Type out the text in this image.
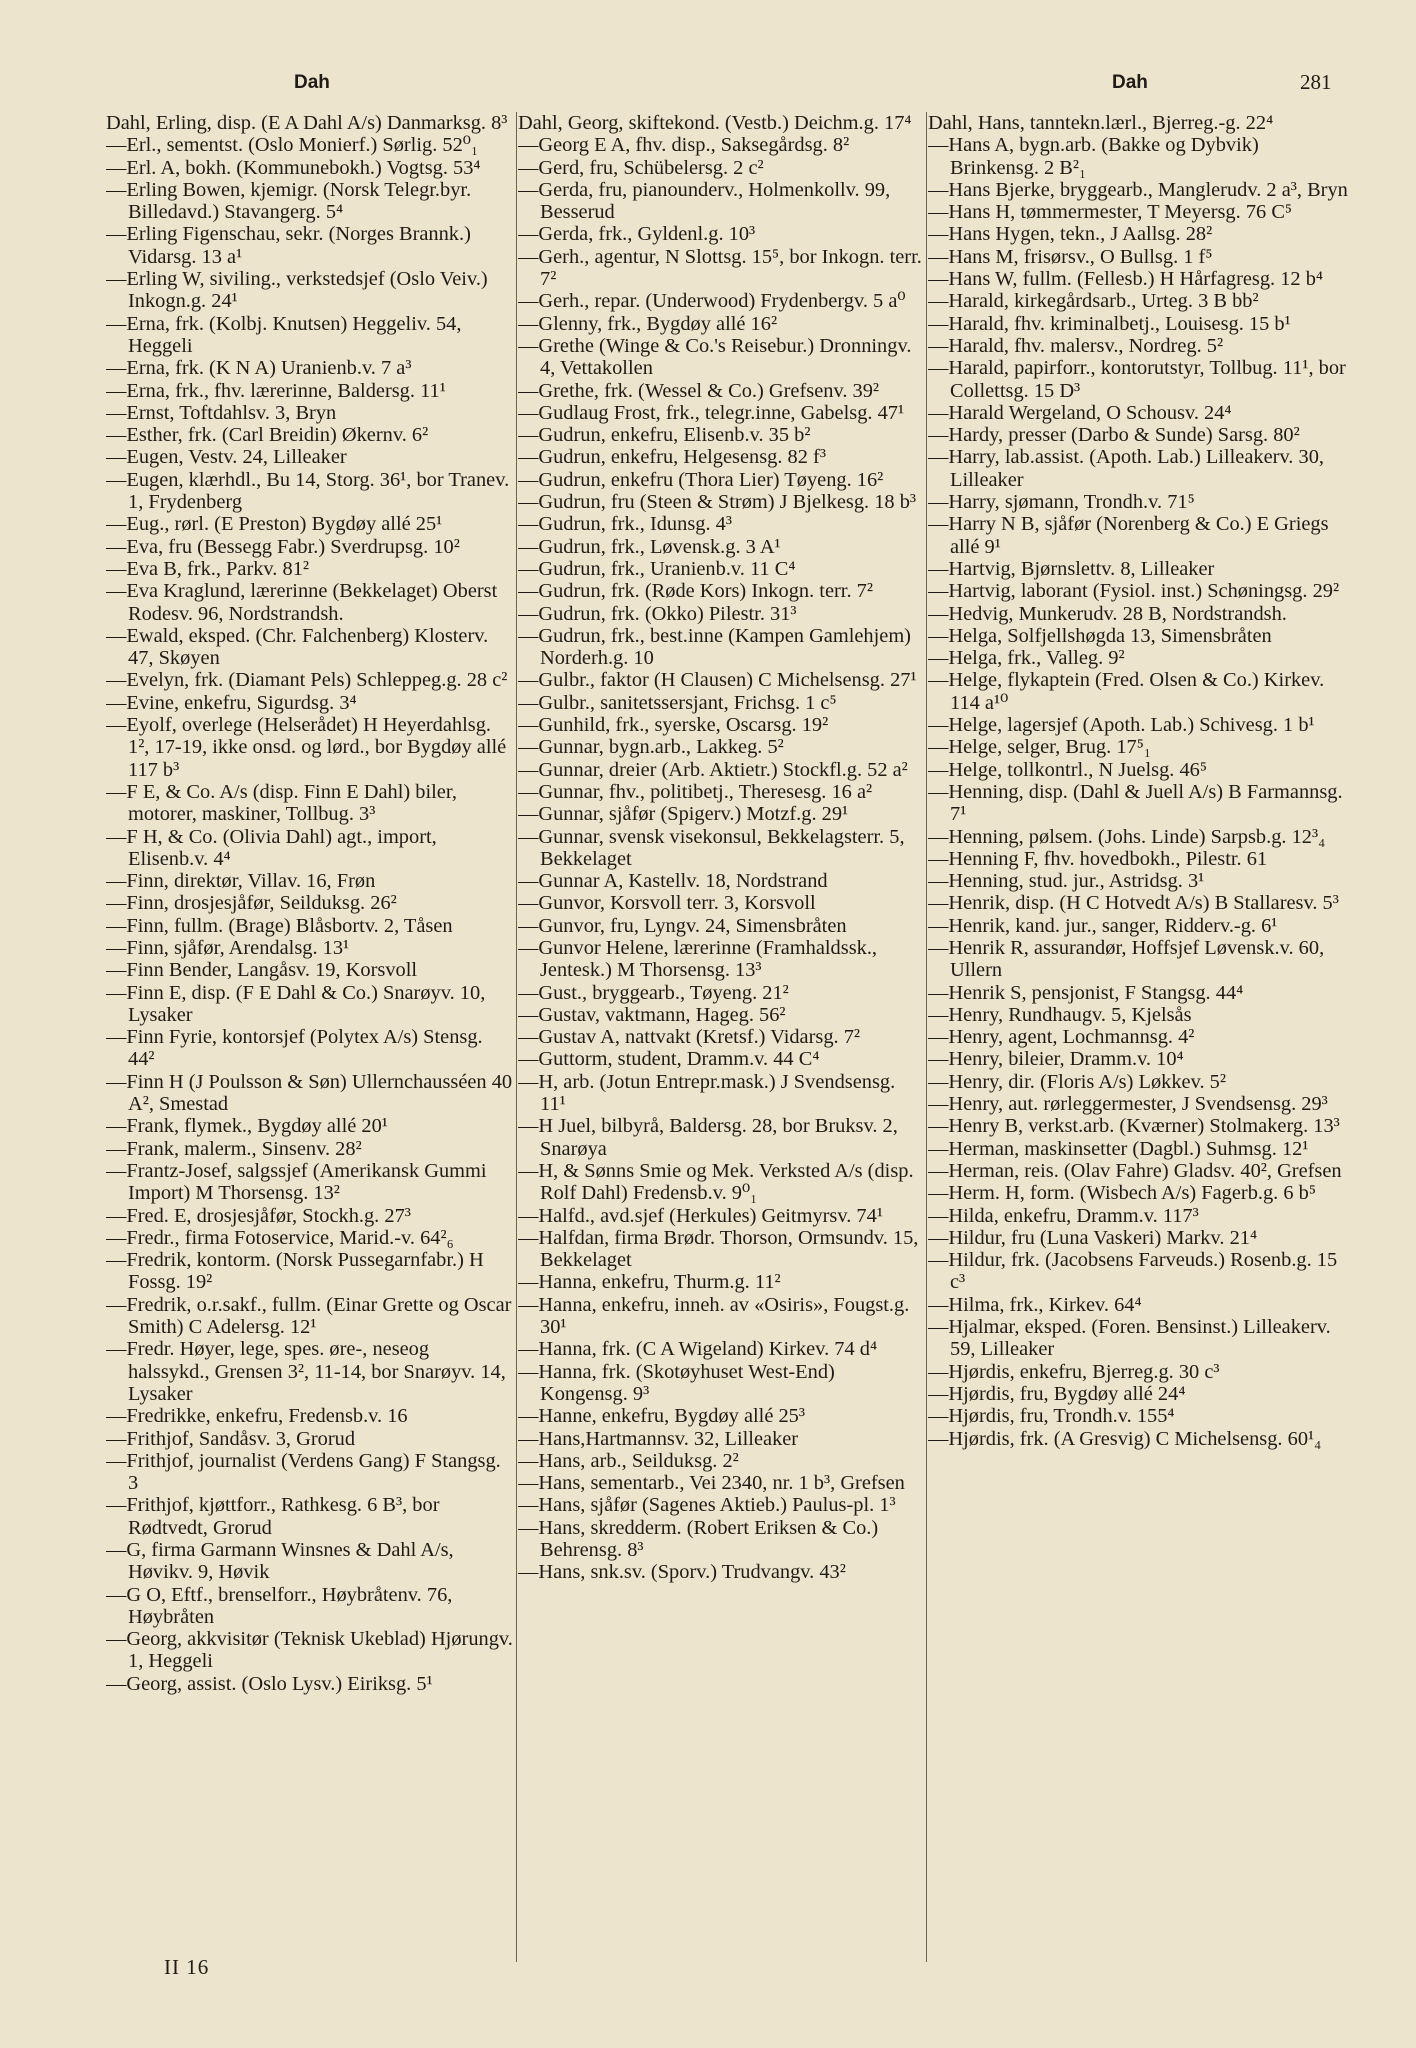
Dah	Dah	281
Dahl, Erling, disp. (E A Dahl A/s) Danmarksg. 8³
—Erl., sementst. (Oslo Monierf.) Sørlig. 52⁰₁
—Erl. A, bokh. (Kommunebokh.) Vogtsg. 53⁴
—Erling Bowen, kjemigr. (Norsk Telegr.byr. Billedavd.) Stavangerg. 5⁴
—Erling Figenschau, sekr. (Norges Brannk.) Vidarsg. 13 a¹
—Erling W, siviling., verkstedsjef (Oslo Veiv.) Inkogn.g. 24¹
—Erna, frk. (Kolbj. Knutsen) Heggeliv. 54, Heggeli
—Erna, frk. (K N A) Uranienb.v. 7 a³
—Erna, frk., fhv. lærerinne, Baldersg. 11¹
—Ernst, Toftdahlsv. 3, Bryn
—Esther, frk. (Carl Breidin) Økernv. 6²
—Eugen, Vestv. 24, Lilleaker
—Eugen, klærhdl., Bu 14, Storg. 36¹, bor Tranev. 1, Frydenberg
—Eug., rørl. (E Preston) Bygdøy allé 25¹
—Eva, fru (Bessegg Fabr.) Sverdrupsg. 10²
—Eva B, frk., Parkv. 81²
—Eva Kraglund, lærerinne (Bekkelaget) Oberst Rodesv. 96, Nordstrandsh.
—Ewald, eksped. (Chr. Falchenberg) Klosterv. 47, Skøyen
—Evelyn, frk. (Diamant Pels) Schleppeg.g. 28 c²
—Evine, enkefru, Sigurdsg. 3⁴
—Eyolf, overlege (Helserådet) H Heyerdahlsg. 1², 17-19, ikke onsd. og lørd., bor Bygdøy allé 117 b³
—F E, & Co. A/s (disp. Finn E Dahl) biler, motorer, maskiner, Tollbug. 3³
—F H, & Co. (Olivia Dahl) agt., import, Elisenb.v. 4⁴
—Finn, direktør, Villav. 16, Frøn
—Finn, drosjesjåfør, Seilduksg. 26²
—Finn, fullm. (Brage) Blåsbortv. 2, Tåsen
—Finn, sjåfør, Arendalsg. 13¹
—Finn Bender, Langåsv. 19, Korsvoll
—Finn E, disp. (F E Dahl & Co.) Snarøyv. 10, Lysaker
—Finn Fyrie, kontorsjef (Polytex A/s) Stensg. 44²
—Finn H (J Poulsson & Søn) Ullernchausséen 40 A², Smestad
—Frank, flymek., Bygdøy allé 20¹
—Frank, malerm., Sinsenv. 28²
—Frantz-Josef, salgssjef (Amerikansk Gummi Import) M Thorsensg. 13²
—Fred. E, drosjesjåfør, Stockh.g. 27³
—Fredr., firma Fotoservice, Marid.-v. 64²₆
—Fredrik, kontorm. (Norsk Pussegarnfabr.) H Fossg. 19²
—Fredrik, o.r.sakf., fullm. (Einar Grette og Oscar Smith) C Adelersg. 12¹
—Fredr. Høyer, lege, spes. øre-, neseog halssykd., Grensen 3², 11-14, bor Snarøyv. 14, Lysaker
—Fredrikke, enkefru, Fredensb.v. 16
—Frithjof, Sandåsv. 3, Grorud
—Frithjof, journalist (Verdens Gang) F Stangsg. 3
—Frithjof, kjøttforr., Rathkesg. 6 B³, bor Rødtvedt, Grorud
—G, firma Garmann Winsnes & Dahl A/s, Høvikv. 9, Høvik
—G O, Eftf., brenselforr., Høybråtenv. 76, Høybråten
—Georg, akkvisitør (Teknisk Ukeblad) Hjørungv. 1, Heggeli
—Georg, assist. (Oslo Lysv.) Eiriksg. 5¹
Dahl, Georg, skiftekond. (Vestb.) Deichm.g. 17⁴
—Georg E A, fhv. disp., Saksegårdsg. 8²
—Gerd, fru, Schübelersg. 2 c²
—Gerda, fru, pianounderv., Holmenkollv. 99, Besserud
—Gerda, frk., Gyldenl.g. 10³
—Gerh., agentur, N Slottsg. 15⁵, bor Inkogn. terr. 7²
—Gerh., repar. (Underwood) Frydenbergv. 5 a⁰
—Glenny, frk., Bygdøy allé 16²
—Grethe (Winge & Co.'s Reisebur.) Dronningv. 4, Vettakollen
—Grethe, frk. (Wessel & Co.) Grefsenv. 39²
—Gudlaug Frost, frk., telegr.inne, Gabelsg. 47¹
—Gudrun, enkefru, Elisenb.v. 35 b²
—Gudrun, enkefru, Helgesensg. 82 f³
—Gudrun, enkefru (Thora Lier) Tøyeng. 16²
—Gudrun, fru (Steen & Strøm) J Bjelkesg. 18 b³
—Gudrun, frk., Idunsg. 4³
—Gudrun, frk., Løvensk.g. 3 A¹
—Gudrun, frk., Uranienb.v. 11 C⁴
—Gudrun, frk. (Røde Kors) Inkogn. terr. 7²
—Gudrun, frk. (Okko) Pilestr. 31³
—Gudrun, frk., best.inne (Kampen Gamlehjem) Norderh.g. 10
—Gulbr., faktor (H Clausen) C Michelsensg. 27¹
—Gulbr., sanitetssersjant, Frichsg. 1 c⁵
—Gunhild, frk., syerske, Oscarsg. 19²
—Gunnar, bygn.arb., Lakkeg. 5²
—Gunnar, dreier (Arb. Aktietr.) Stockfl.g. 52 a²
—Gunnar, fhv., politibetj., Theresesg. 16 a²
—Gunnar, sjåfør (Spigerv.) Motzf.g. 29¹
—Gunnar, svensk visekonsul, Bekkelagsterr. 5, Bekkelaget
—Gunnar A, Kastellv. 18, Nordstrand
—Gunvor, Korsvoll terr. 3, Korsvoll
—Gunvor, fru, Lyngv. 24, Simensbråten
—Gunvor Helene, lærerinne (Framhaldssk., Jentesk.) M Thorsensg. 13³
—Gust., bryggearb., Tøyeng. 21²
—Gustav, vaktmann, Hageg. 56²
—Gustav A, nattvakt (Kretsf.) Vidarsg. 7²
—Guttorm, student, Dramm.v. 44 C⁴
—H, arb. (Jotun Entrepr.mask.) J Svendsensg. 11¹
—H Juel, bilbyrå, Baldersg. 28, bor Bruksv. 2, Snarøya
—H, & Sønns Smie og Mek. Verksted A/s (disp. Rolf Dahl) Fredensb.v. 9⁰₁
—Halfd., avd.sjef (Herkules) Geitmyrsv. 74¹
—Halfdan, firma Brødr. Thorson, Ormsundv. 15, Bekkelaget
—Hanna, enkefru, Thurm.g. 11²
—Hanna, enkefru, inneh. av «Osiris», Fougst.g. 30¹
—Hanna, frk. (C A Wigeland) Kirkev. 74 d⁴
—Hanna, frk. (Skotøyhuset West-End) Kongensg. 9³
—Hanne, enkefru, Bygdøy allé 25³
—Hans,Hartmannsv. 32, Lilleaker
—Hans, arb., Seilduksg. 2²
—Hans, sementarb., Vei 2340, nr. 1 b³, Grefsen
—Hans, sjåfør (Sagenes Aktieb.) Paulus-pl. 1³
—Hans, skredderm. (Robert Eriksen & Co.) Behrensg. 8³
—Hans, snk.sv. (Sporv.) Trudvangv. 43²
Dahl, Hans, tanntekn.lærl., Bjerreg.-g. 22⁴
—Hans A, bygn.arb. (Bakke og Dybvik) Brinkensg. 2 B²₁
—Hans Bjerke, bryggearb., Manglerudv. 2 a³, Bryn
—Hans H, tømmermester, T Meyersg. 76 C⁵
—Hans Hygen, tekn., J Aallsg. 28²
—Hans M, frisørsv., O Bullsg. 1 f⁵
—Hans W, fullm. (Fellesb.) H Hårfagresg. 12 b⁴
—Harald, kirkegårdsarb., Urteg. 3 B bb²
—Harald, fhv. kriminalbetj., Louisesg. 15 b¹
—Harald, fhv. malersv., Nordreg. 5²
—Harald, papirforr., kontorutstyr, Tollbug. 11¹, bor Collettsg. 15 D³
—Harald Wergeland, O Schousv. 24⁴
—Hardy, presser (Darbo & Sunde) Sarsg. 80²
—Harry, lab.assist. (Apoth. Lab.) Lilleakerv. 30, Lilleaker
—Harry, sjømann, Trondh.v. 71⁵
—Harry N B, sjåfør (Norenberg & Co.) E Griegs allé 9¹
—Hartvig, Bjørnslettv. 8, Lilleaker
—Hartvig, laborant (Fysiol. inst.) Schøningsg. 29²
—Hedvig, Munkerudv. 28 B, Nordstrandsh.
—Helga, Solfjellshøgda 13, Simensbråten
—Helga, frk., Valleg. 9²
—Helge, flykaptein (Fred. Olsen & Co.) Kirkev. 114 a¹⁰
—Helge, lagersjef (Apoth. Lab.) Schivesg. 1 b¹
—Helge, selger, Brug. 17⁵₁
—Helge, tollkontrl., N Juelsg. 46⁵
—Henning, disp. (Dahl & Juell A/s) B Farmannsg. 7¹
—Henning, pølsem. (Johs. Linde) Sarpsb.g. 12³₄
—Henning F, fhv. hovedbokh., Pilestr. 61
—Henning, stud. jur., Astridsg. 3¹
—Henrik, disp. (H C Hotvedt A/s) B Stallaresv. 5³
—Henrik, kand. jur., sanger, Ridderv.-g. 6¹
—Henrik R, assurandør, Hoffsjef Løvensk.v. 60, Ullern
—Henrik S, pensjonist, F Stangsg. 44⁴
—Henry, Rundhaugv. 5, Kjelsås
—Henry, agent, Lochmannsg. 4²
—Henry, bileier, Dramm.v. 10⁴
—Henry, dir. (Floris A/s) Løkkev. 5²
—Henry, aut. rørleggermester, J Svendsensg. 29³
—Henry B, verkst.arb. (Kværner) Stolmakerg. 13³
—Herman, maskinsetter (Dagbl.) Suhmsg. 12¹
—Herman, reis. (Olav Fahre) Gladsv. 40², Grefsen
—Herm. H, form. (Wisbech A/s) Fagerb.g. 6 b⁵
—Hilda, enkefru, Dramm.v. 117³
—Hildur, fru (Luna Vaskeri) Markv. 21⁴
—Hildur, frk. (Jacobsens Farveuds.) Rosenb.g. 15 c³
—Hilma, frk., Kirkev. 64⁴
—Hjalmar, eksped. (Foren. Bensinst.) Lilleakerv. 59, Lilleaker
—Hjørdis, enkefru, Bjerreg.g. 30 c³
—Hjørdis, fru, Bygdøy allé 24⁴
—Hjørdis, fru, Trondh.v. 155⁴
—Hjørdis, frk. (A Gresvig) C Michelsensg. 60¹₄
II 16
